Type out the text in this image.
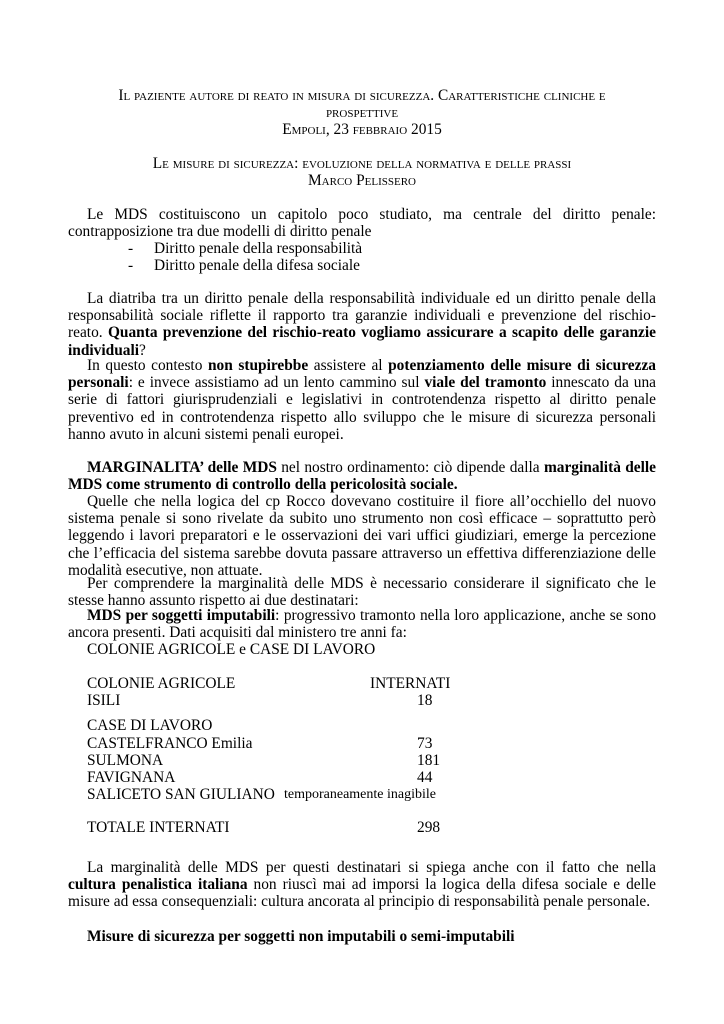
Il paziente autore di reato in misura di sicurezza. Caratteristiche cliniche e
prospettive
Empoli, 23 febbraio 2015
Le misure di sicurezza: evoluzione della normativa e delle prassi
Marco Pelissero

Le MDS costituiscono un capitolo poco studiato, ma centrale del diritto penale: contrapposizione tra due modelli di diritto penale

-	Diritto penale della responsabilità
-	Diritto penale della difesa sociale

La diatriba tra un diritto penale della responsabilità individuale ed un diritto penale della responsabilità sociale riflette il rapporto tra garanzie individuali e prevenzione del rischio-reato. Quanta prevenzione del rischio-reato vogliamo assicurare a scapito delle garanzie individuali?

In questo contesto non stupirebbe assistere al potenziamento delle misure di sicurezza personali: e invece assistiamo ad un lento cammino sul viale del tramonto innescato da una serie di fattori giurisprudenziali e legislativi in controtendenza rispetto al diritto penale preventivo ed in controtendenza rispetto allo sviluppo che le misure di sicurezza personali hanno avuto in alcuni sistemi penali europei.

MARGINALITA’ delle MDS nel nostro ordinamento: ciò dipende dalla marginalità delle MDS come strumento di controllo della pericolosità sociale.

Quelle che nella logica del cp Rocco dovevano costituire il fiore all’occhiello del nuovo sistema penale si sono rivelate da subito uno strumento non così efficace – soprattutto però leggendo i lavori preparatori e le osservazioni dei vari uffici giudiziari, emerge la percezione che l’efficacia del sistema sarebbe dovuta passare attraverso un effettiva differenziazione delle modalità esecutive, non attuate.

Per comprendere la marginalità delle MDS è necessario considerare il significato che le stesse hanno assunto rispetto ai due destinatari:

MDS per soggetti imputabili: progressivo tramonto nella loro applicazione, anche se sono ancora presenti. Dati acquisiti dal ministero tre anni fa:

COLONIE AGRICOLE e CASE DI LAVORO
COLONIE AGRICOLE	INTERNATI
ISILI	18
CASE DI LAVORO
CASTELFRANCO Emilia	73
SULMONA	181
FAVIGNANA	44
SALICETO SAN GIULIANO temporaneamente inagibile
TOTALE INTERNATI	298

La marginalità delle MDS per questi destinatari si spiega anche con il fatto che nella cultura penalistica italiana non riuscì mai ad imporsi la logica della difesa sociale e delle misure ad essa consequenziali: cultura ancorata al principio di responsabilità penale personale.

Misure di sicurezza per soggetti non imputabili o semi-imputabili
